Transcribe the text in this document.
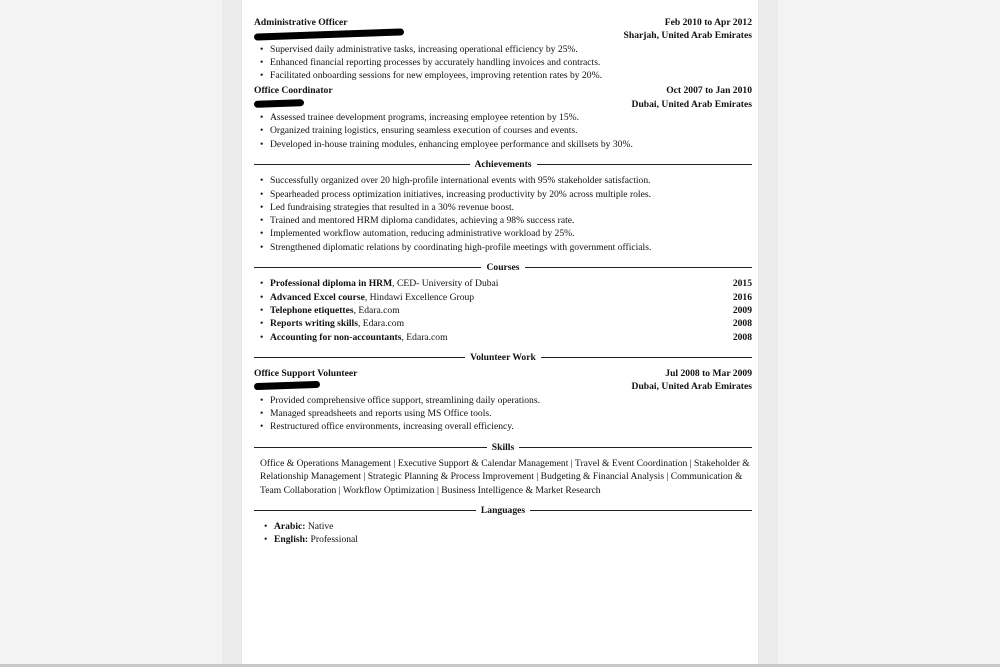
Administrative Officer	Feb 2010 to Apr 2012
Sharjah, United Arab Emirates
• Supervised daily administrative tasks, increasing operational efficiency by 25%.
• Enhanced financial reporting processes by accurately handling invoices and contracts.
• Facilitated onboarding sessions for new employees, improving retention rates by 20%.
Office Coordinator	Oct 2007 to Jan 2010
Dubai, United Arab Emirates
• Assessed trainee development programs, increasing employee retention by 15%.
• Organized training logistics, ensuring seamless execution of courses and events.
• Developed in-house training modules, enhancing employee performance and skillsets by 30%.
Achievements
• Successfully organized over 20 high-profile international events with 95% stakeholder satisfaction.
• Spearheaded process optimization initiatives, increasing productivity by 20% across multiple roles.
• Led fundraising strategies that resulted in a 30% revenue boost.
• Trained and mentored HRM diploma candidates, achieving a 98% success rate.
• Implemented workflow automation, reducing administrative workload by 25%.
• Strengthened diplomatic relations by coordinating high-profile meetings with government officials.
Courses
• Professional diploma in HRM, CED- University of Dubai	2015
• Advanced Excel course, Hindawi Excellence Group	2016
• Telephone etiquettes, Edara.com	2009
• Reports writing skills, Edara.com	2008
• Accounting for non-accountants, Edara.com	2008
Volunteer Work
Office Support Volunteer	Jul 2008 to Mar 2009
Dubai, United Arab Emirates
• Provided comprehensive office support, streamlining daily operations.
• Managed spreadsheets and reports using MS Office tools.
• Restructured office environments, increasing overall efficiency.
Skills
Office & Operations Management | Executive Support & Calendar Management | Travel & Event Coordination | Stakeholder & Relationship Management | Strategic Planning & Process Improvement | Budgeting & Financial Analysis | Communication & Team Collaboration | Workflow Optimization | Business Intelligence & Market Research
Languages
• Arabic: Native
• English: Professional
